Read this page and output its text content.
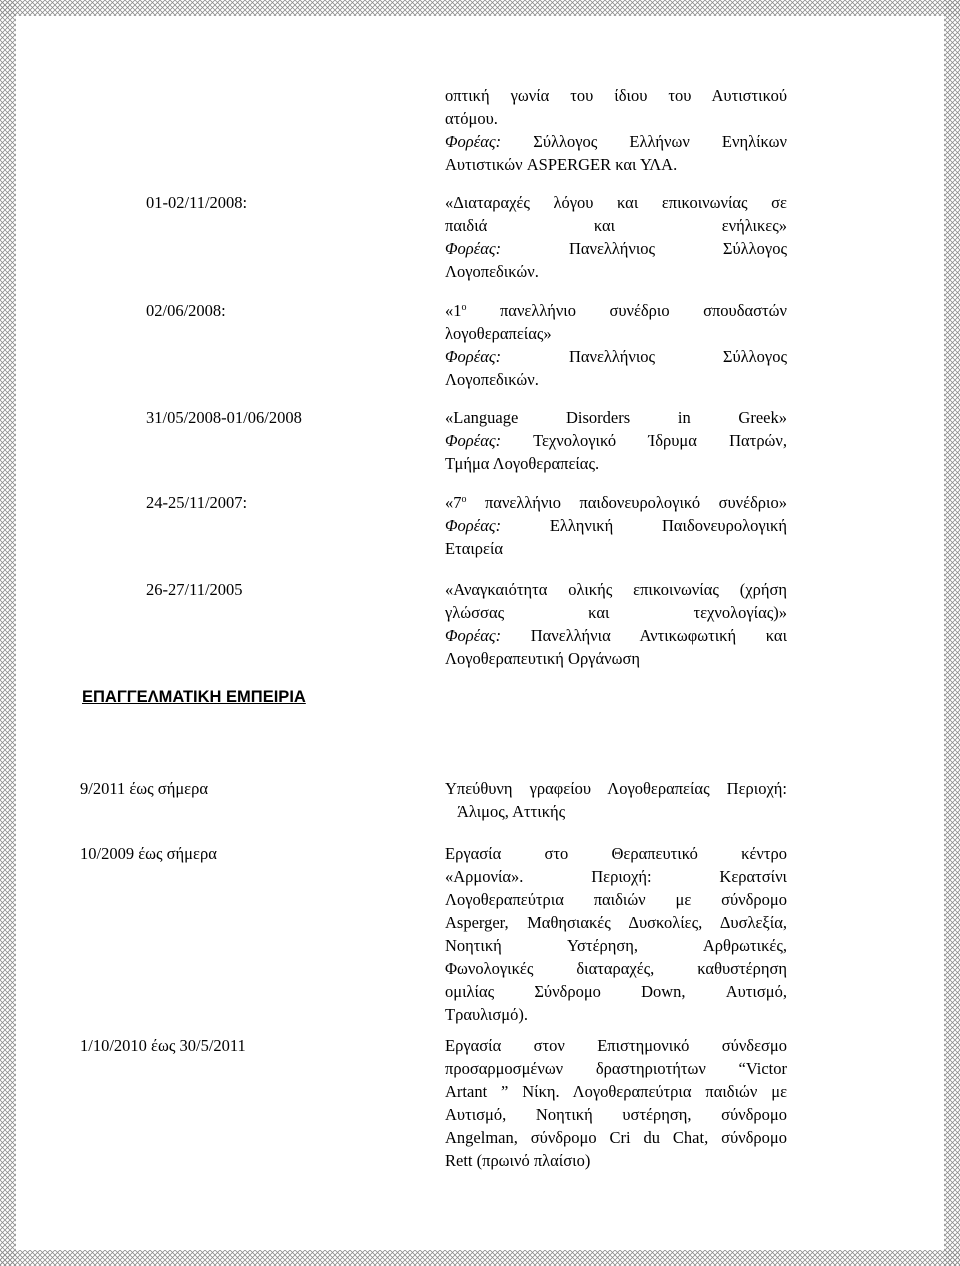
οπτική γωνία του ίδιου του Αυτιστικού
ατόμου.
Φορέας: Σύλλογος Ελλήνων Ενηλίκων
Αυτιστικών ASPERGER και ΥΛΑ.
01-02/11/2008:	«Διαταραχές λόγου και επικοινωνίας σε
παιδιά και ενήλικες»
Φορέας:	Πανελλήνιος Σύλλογος
Λογοπεδικών.
02/06/2008:	«$1^o$ πανελλήνιο συνέδριο σπουδαστών
λογοθεραπείας»
Φορέας:	Πανελλήνιος Σύλλογος
Λογοπεδικών.
31/05/2008-01/06/2008	«Language Disorders in Greek»
Φορέας: Τεχνολογικό Ίδρυμα Πατρών,
Τμήμα Λογοθεραπείας.
24-25/11/2007:	«$7^o$ πανελλήνιο παιδονευρολογικό συνέδριο»
Φορέας:	Ελληνική Παιδονευρολογική
Εταιρεία
26-27/11/2005	«Αναγκαιότητα ολικής επικοινωνίας (χρήση
γλώσσας και τεχνολογίας)»
Φορέας: Πανελλήνια Αντικωφωτική και
Λογοθεραπευτική Οργάνωση
ΕΠΑΓΓΕΛΜΑΤΙΚΗ ΕΜΠΕΙΡΙΑ
9/2011 έως σήμερα	Υπεύθυνη γραφείου Λογοθεραπείας Περιοχή:
Άλιμος, Αττικής
10/2009 έως σήμερα	Εργασία στο Θεραπευτικό κέντρο
«Αρμονία». Περιοχή: Κερατσίνι
Λογοθεραπεύτρια παιδιών με σύνδρομο
Asperger, Μαθησιακές Δυσκολίες, Δυσλεξία,
Νοητική Υστέρηση, Αρθρωτικές,
Φωνολογικές διαταραχές, καθυστέρηση
ομιλίας Σύνδρομο Down, Αυτισμό,
Τραυλισμό).
1/10/2010 έως 30/5/2011	Εργασία στον Επιστημονικό σύνδεσμο
προσαρμοσμένων δραστηριοτήτων “Victor
Artant ” Νίκη. Λογοθεραπεύτρια παιδιών με
Αυτισμό, Νοητική υστέρηση, σύνδρομο
Angelman, σύνδρομο Cri du Chat, σύνδρομο
Rett (πρωινό πλαίσιο)
